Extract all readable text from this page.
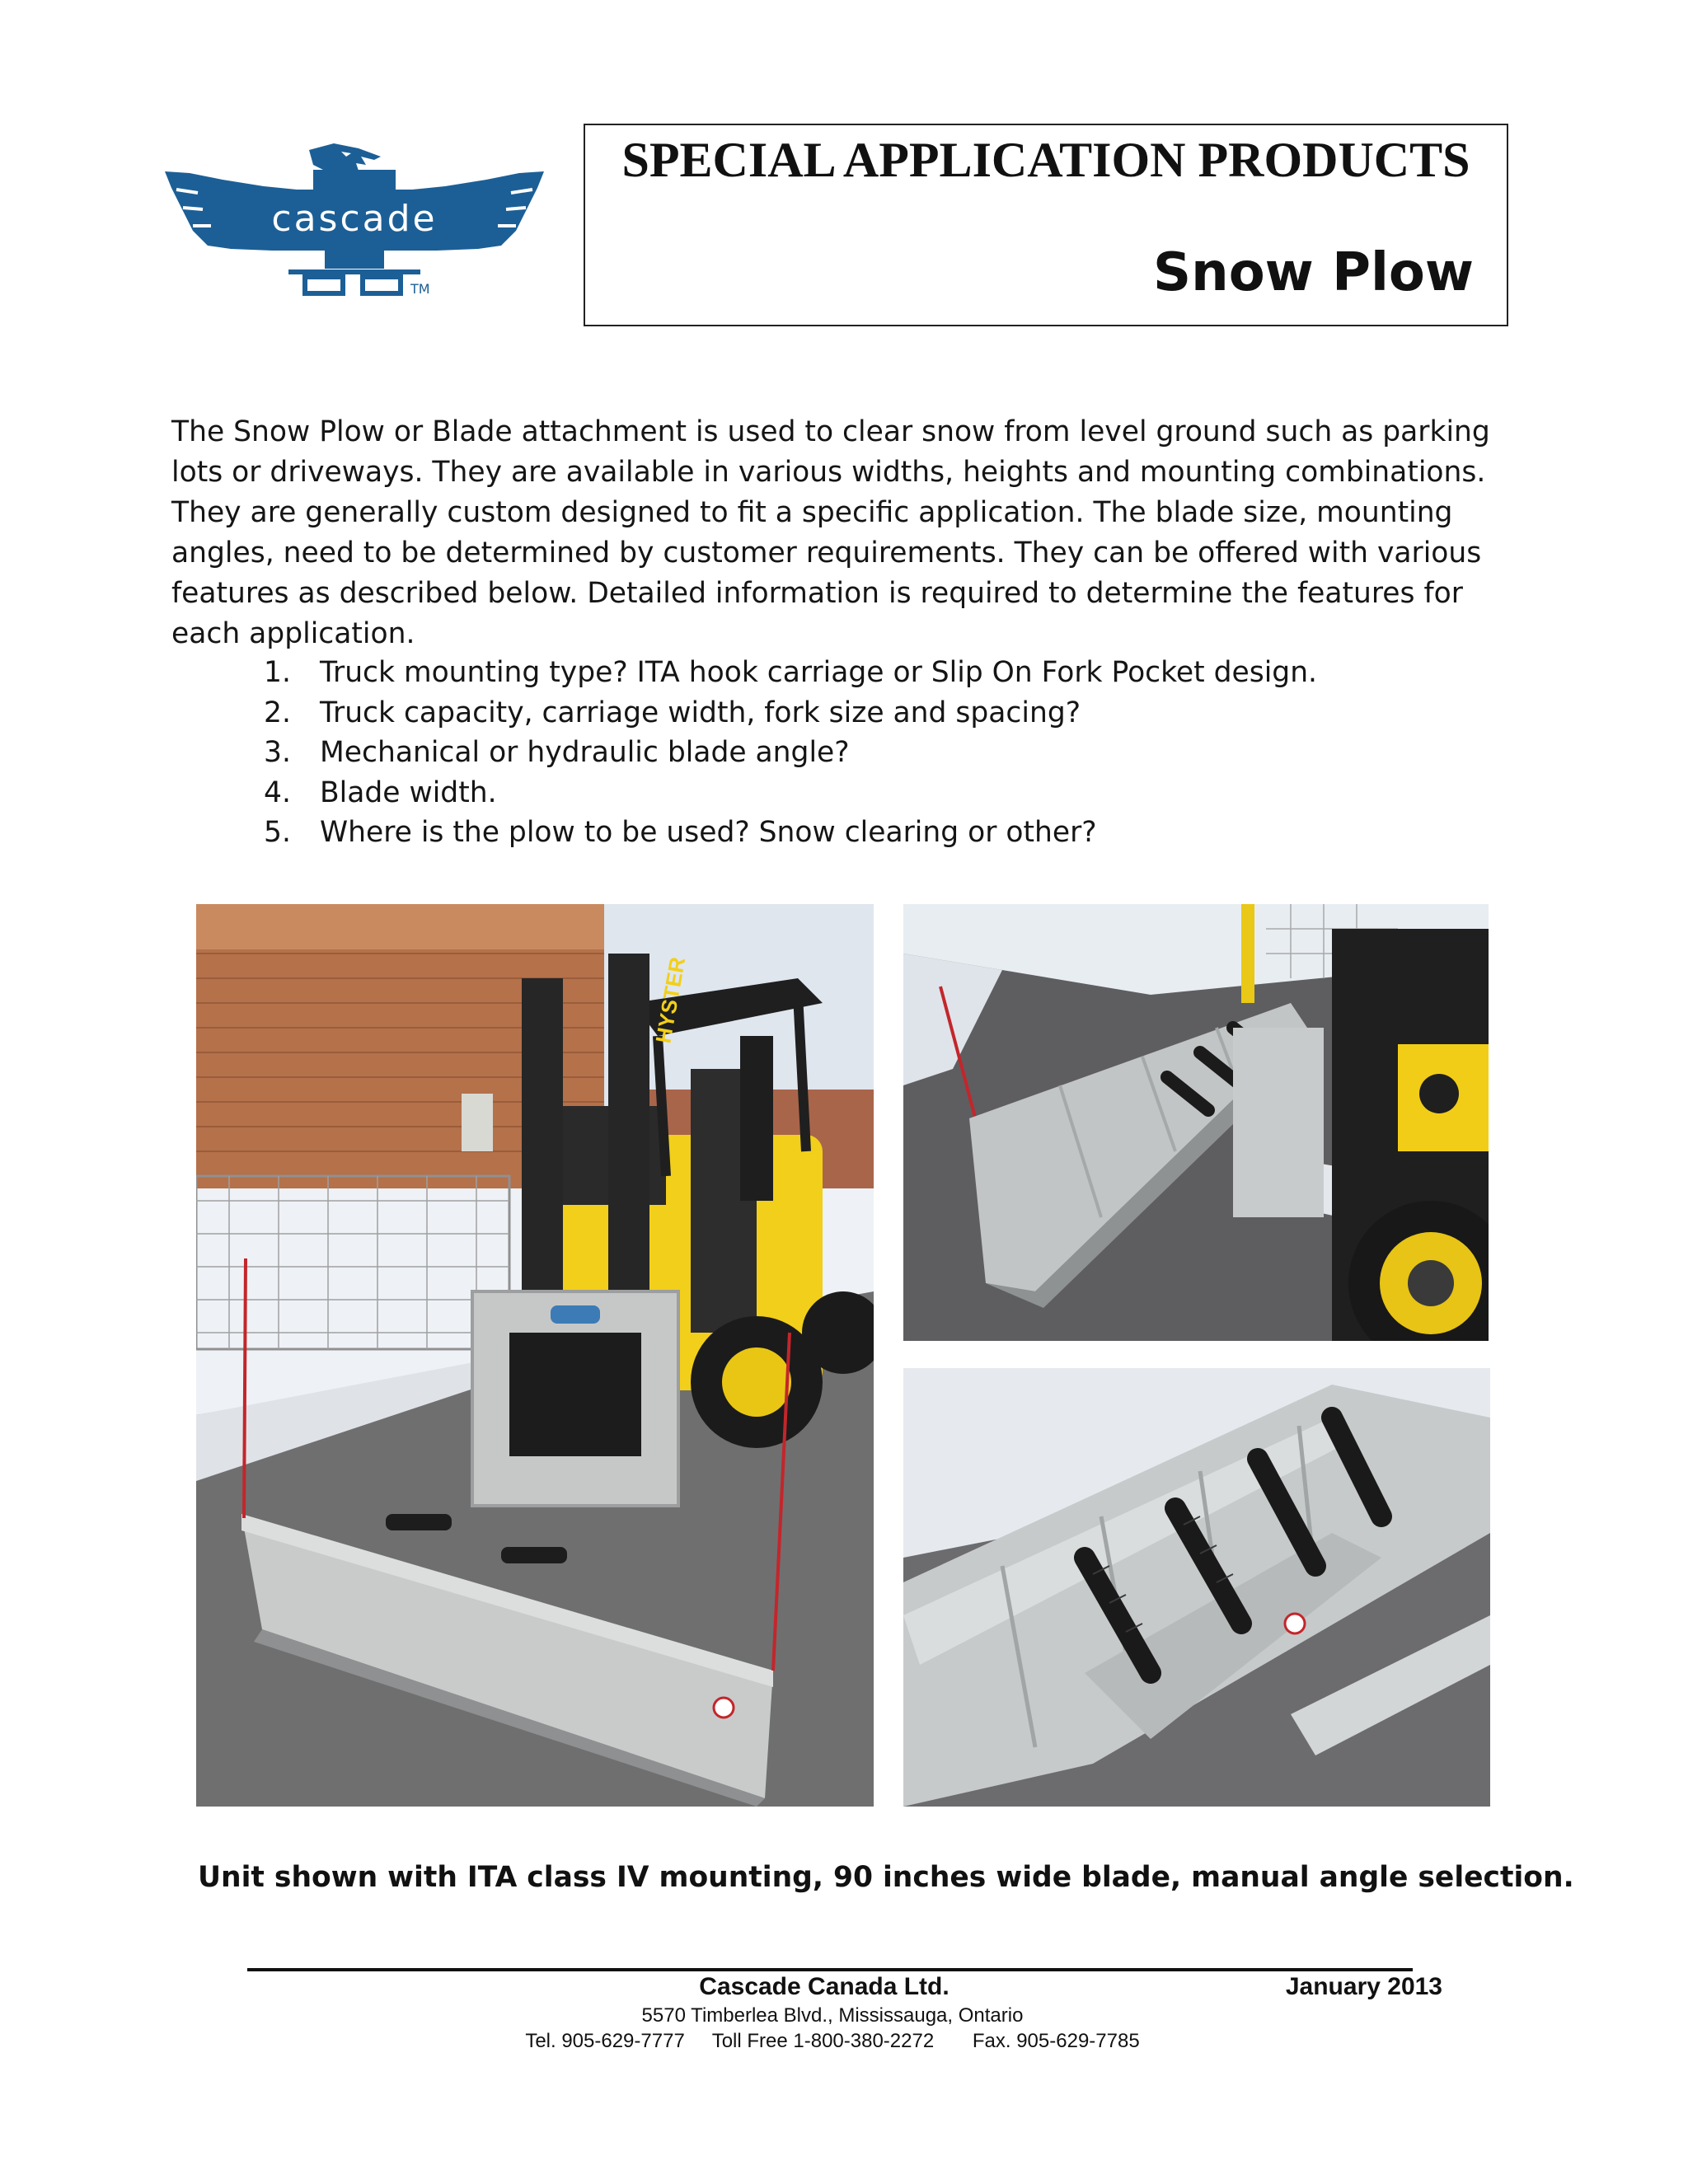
cascade
TM
SPECIAL APPLICATION PRODUCTS
Snow Plow
The Snow Plow or Blade attachment is used to clear snow from level ground such as parking lots or driveways. They are available in various widths, heights and mounting combinations. They are generally custom designed to fit a specific application. The blade size, mounting angles, need to be determined by customer requirements. They can be offered with various features as described below. Detailed information is required to determine the features for each application.
1. Truck mounting type? ITA hook carriage or Slip On Fork Pocket design.
2. Truck capacity, carriage width, fork size and spacing?
3. Mechanical or hydraulic blade angle?
4. Blade width.
5. Where is the plow to be used? Snow clearing or other?
HYSTER
Unit shown with ITA class IV mounting, 90 inches wide blade, manual angle selection.
Cascade Canada Ltd.	January 2013
5570 Timberlea Blvd., Mississauga, Ontario
Tel. 905-629-7777     Toll Free 1-800-380-2272       Fax. 905-629-7785
